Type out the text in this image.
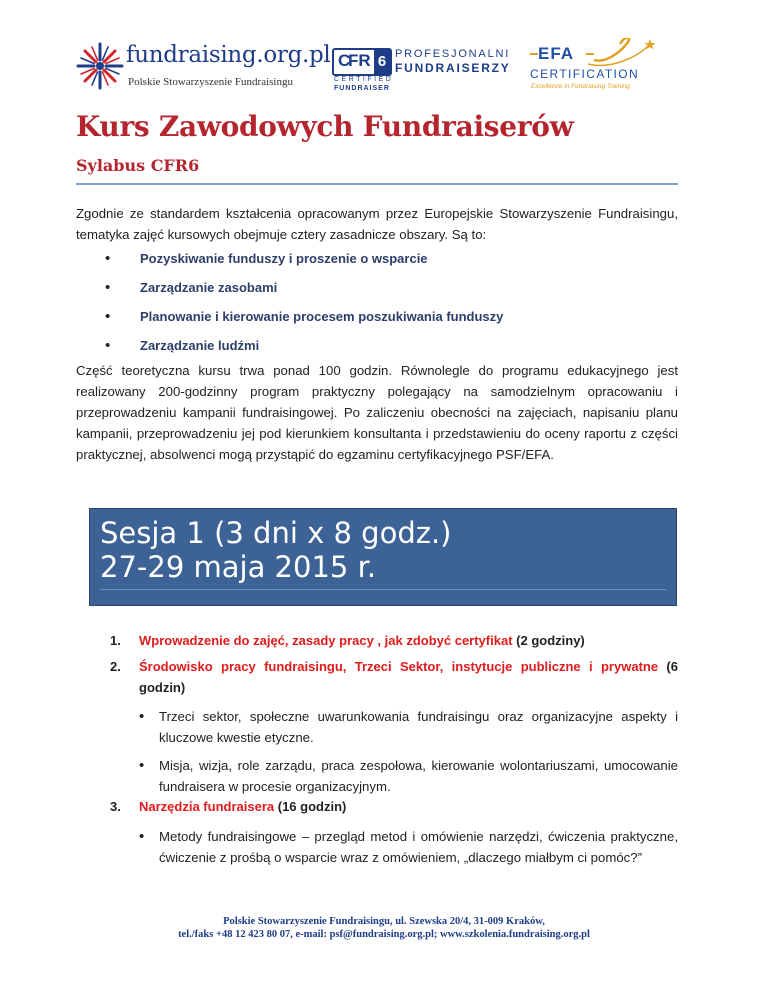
fundraising.org.pl
Polskie Stowarzyszenie Fundraisingu
C
FR 6
CERTIFIED
FUNDRAISER
PROFESJONALNI
FUNDRAISERZY
EFA
CERTIFICATION
Excellence in Fundraising Training
Kurs Zawodowych Fundraiserów
Sylabus CFR6

Zgodnie ze standardem kształcenia opracowanym przez Europejskie Stowarzyszenie Fundraisingu, tematyka zajęć kursowych obejmuje cztery zasadnicze obszary. Są to:

• Pozyskiwanie funduszy i proszenie o wsparcie
• Zarządzanie zasobami
• Planowanie i kierowanie procesem poszukiwania funduszy
• Zarządzanie ludźmi

Część teoretyczna kursu trwa ponad 100 godzin. Równolegle do programu edukacyjnego jest realizowany 200-godzinny program praktyczny polegający na samodzielnym opracowaniu i przeprowadzeniu kampanii fundraisingowej. Po zaliczeniu obecności na zajęciach, napisaniu planu kampanii, przeprowadzeniu jej pod kierunkiem konsultanta i przedstawieniu do oceny raportu z części praktycznej, absolwenci mogą przystąpić do egzaminu certyfikacyjnego PSF/EFA.

Sesja 1 (3 dni x 8 godz.)
27-29 maja 2015 r.
1. Wprowadzenie do zajęć, zasady pracy , jak zdobyć certyfikat (2 godziny)
2. Środowisko pracy fundraisingu, Trzeci Sektor, instytucje publiczne i prywatne (6 godzin)
• Trzeci sektor, społeczne uwarunkowania fundraisingu oraz organizacyjne aspekty i kluczowe kwestie etyczne.
• Misja, wizja, role zarządu, praca zespołowa, kierowanie wolontariuszami, umocowanie fundraisera w procesie organizacyjnym.
3. Narzędzia fundraisera (16 godzin)
• Metody fundraisingowe – przegląd metod i omówienie narzędzi, ćwiczenia praktyczne, ćwiczenie z prośbą o wsparcie wraz z omówieniem, „dlaczego miałbym ci pomóc?”
Polskie Stowarzyszenie Fundraisingu, ul. Szewska 20/4, 31-009 Kraków,
tel./faks +48 12 423 80 07, e-mail: psf@fundraising.org.pl; www.szkolenia.fundraising.org.pl
